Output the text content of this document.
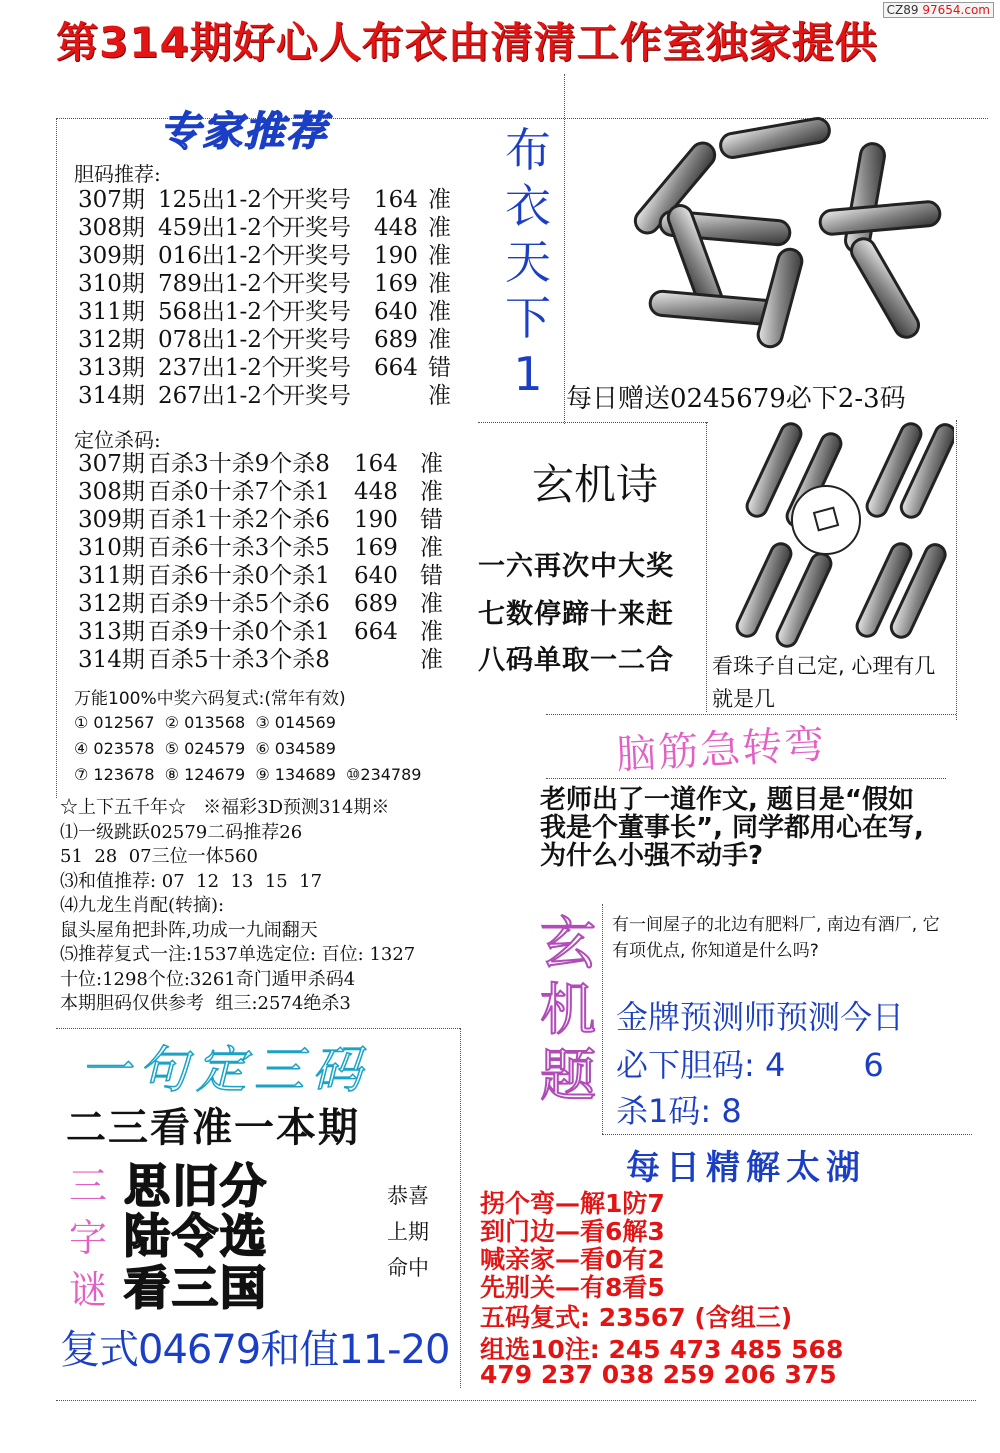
第314期好心人布衣由清清工作室独家提供
CZ89 97654.com
专家推荐
胆码推荐:
307期 125出1-2个
开奖号 164 准
308期 459出1-2个
开奖号 448 准
309期 016出1-2个
开奖号 190 准
310期 789出1-2个
开奖号 169 准
311期 568出1-2个
开奖号 640 准
312期 078出1-2个
开奖号 689 准
313期 237出1-2个
开奖号 664 错
314期 267出1-2个
开奖号	准
定位杀码:
307期 百杀3十杀9个杀8 164 准
308期 百杀0十杀7个杀1 448 准
309期 百杀1十杀2个杀6 190 错
310期 百杀6十杀3个杀5 169 准
311期 百杀6十杀0个杀1 640 错
312期 百杀9十杀5个杀6 689 准
313期 百杀9十杀0个杀1 664 准
314期 百杀5十杀3个杀8	准
万能100%中奖六码复式:(常年有效)
① 012567  ② 013568  ③ 014569
④ 023578  ⑤ 024579  ⑥ 034589
⑦ 123678  ⑧ 124679  ⑨ 134689  ⑩234789
☆上下五千年☆   ※福彩3D预测314期※
⑴一级跳跃02579二码推荐26
51  28  07三位一体560
⑶和值推荐: 07  12  13  15  17
⑷九龙生肖配(转摘):
鼠头屋角把卦阵,功成一九闹翻天
⑸推荐复式一注:1537单选定位: 百位: 1327
十位:1298个位:3261奇门遁甲杀码4
本期胆码仅供参考  组三:2574绝杀3
布
衣
天
下
1 每日赠送0245679必下2-3码
玄机诗
一六再次中大奖
七数停蹄十来赶
八码单取一二合 看珠子自己定, 心理有几就是几
脑筋急转弯
老师出了一道作文, 题目是“假如我是个董事长”, 同学都用心在写, 为什么小强不动手?
玄
机
题
有一间屋子的北边有肥料厂, 南边有酒厂, 它有项优点, 你知道是什么吗?
金牌预测师预测今日
必下胆码: 4 6
杀1码: 8
每日精解太湖
拐个弯—解1防7
到门边—看6解3
喊亲家—看0有2
先别关—有8看5
五码复式: 23567 (含组三)
组选10注: 245 473 485 568
479 237 038 259 206 375
一句定三码
二三看准一本期
三
字
谜
思旧分
陆令选
看三国
恭喜
上期
命中
复式04679和值11-20
